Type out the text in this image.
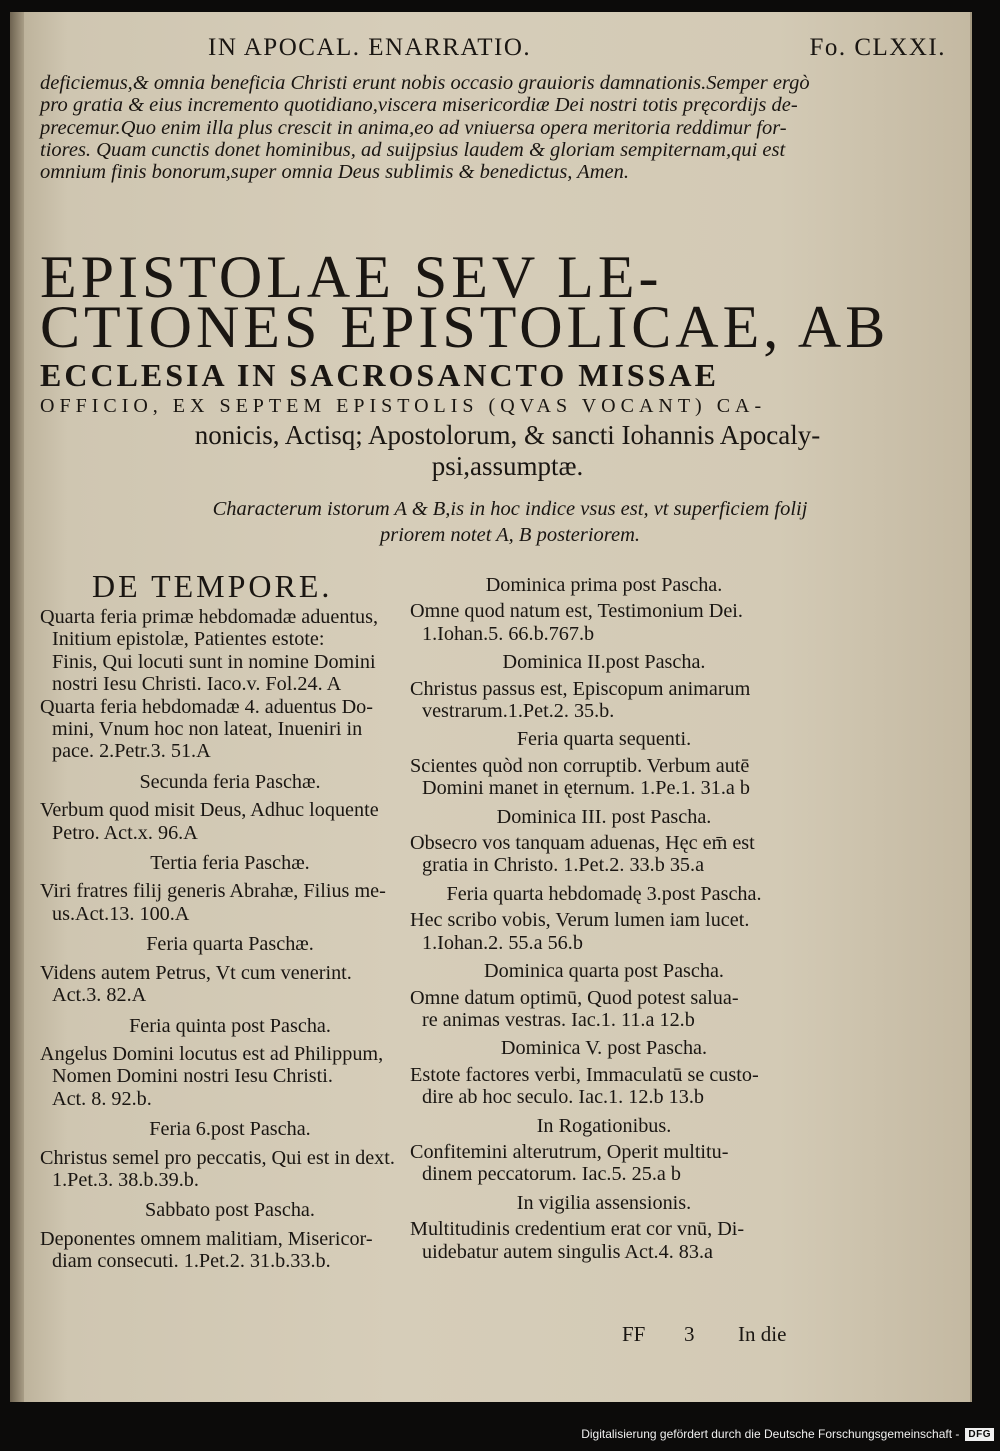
IN APOCAL. ENARRATIO.	Fo. CLXXI.
deficiemus,& omnia beneficia Christi erunt nobis occasio grauioris damnationis.Semper ergò
pro gratia & eius incremento quotidiano,viscera misericordiæ Dei nostri totis pręcordijs de-
precemur.Quo enim illa plus crescit in anima,eo ad vniuersa opera meritoria reddimur for-
tiores. Quam cunctis donet hominibus, ad suijpsius laudem & gloriam sempiternam,qui est
omnium finis bonorum,super omnia Deus sublimis & benedictus, Amen.
EPISTOLAE SEV LE-
CTIONES EPISTOLICAE, AB
ECCLESIA IN SACROSANCTO MISSAE
OFFICIO, EX SEPTEM EPISTOLIS (QVAS VOCANT) CA-
nonicis, Actisq; Apostolorum, & sancti Iohannis Apocaly-
psi,assumptæ.
Characterum istorum A & B,is in hoc indice vsus est, vt superficiem folij
priorem notet A, B posteriorem.
DE TEMPORE.
Quarta feria primæ hebdomadæ aduentus,
Initium epistolæ, Patientes estote:
Finis, Qui locuti sunt in nomine Domini
nostri Iesu Christi. Iaco.v. Fol.24. A
Quarta feria hebdomadæ 4. aduentus Do-
mini, Vnum hoc non lateat, Inueniri in
pace. 2.Petr.3. 51.A
Secunda feria Paschæ.
Verbum quod misit Deus, Adhuc loquente
Petro. Act.x. 96.A
Tertia feria Paschæ.
Viri fratres filij generis Abrahæ, Filius me-
us.Act.13. 100.A
Feria quarta Paschæ.
Videns autem Petrus, Vt cum venerint.
Act.3. 82.A
Feria quinta post Pascha.
Angelus Domini locutus est ad Philippum,
Nomen Domini nostri Iesu Christi.
Act. 8. 92.b.
Feria 6.post Pascha.
Christus semel pro peccatis, Qui est in dext.
1.Pet.3. 38.b.39.b.
Sabbato post Pascha.
Deponentes omnem malitiam, Misericor-
diam consecuti. 1.Pet.2. 31.b.33.b.
Dominica prima post Pascha.
Omne quod natum est, Testimonium Dei.
1.Iohan.5. 66.b.767.b
Dominica II.post Pascha.
Christus passus est, Episcopum animarum
vestrarum.1.Pet.2. 35.b.
Feria quarta sequenti.
Scientes quòd non corruptib. Verbum autē
Domini manet in ęternum. 1.Pe.1. 31.a b
Dominica III. post Pascha.
Obsecro vos tanquam aduenas, Hęc em̄ est
gratia in Christo. 1.Pet.2. 33.b 35.a
Feria quarta hebdomadę 3.post Pascha.
Hec scribo vobis, Verum lumen iam lucet.
1.Iohan.2. 55.a 56.b
Dominica quarta post Pascha.
Omne datum optimū, Quod potest salua-
re animas vestras. Iac.1. 11.a 12.b
Dominica V. post Pascha.
Estote factores verbi, Immaculatū se custo-
dire ab hoc seculo. Iac.1. 12.b 13.b
In Rogationibus.
Confitemini alterutrum, Operit multitu-
dinem peccatorum. Iac.5. 25.a b
In vigilia assensionis.
Multitudinis credentium erat cor vnū, Di-
uidebatur autem singulis Act.4. 83.a
FF 3 In die
Digitalisierung gefördert durch die Deutsche Forschungsgemeinschaft - DFG
